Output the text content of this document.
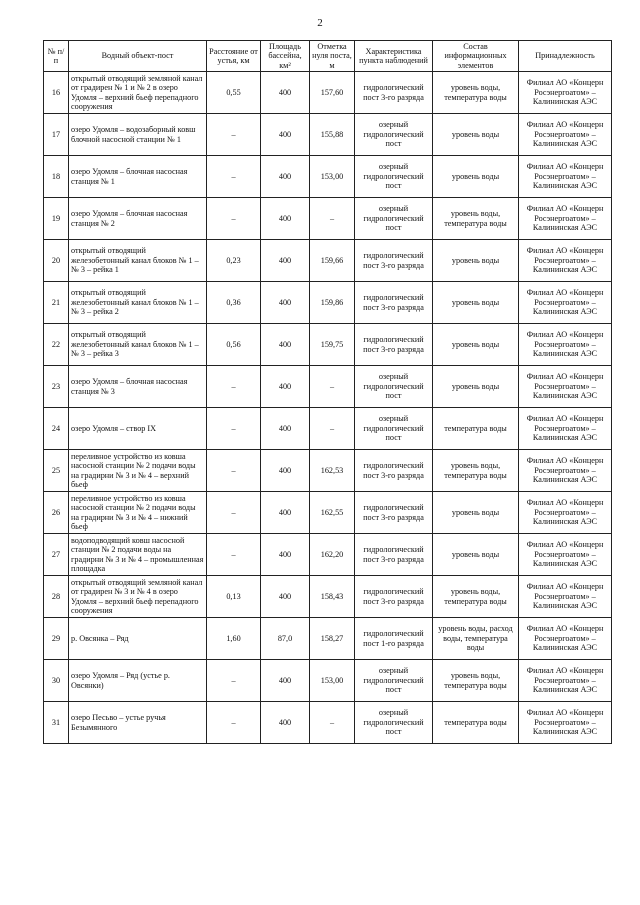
2
№ п/п	Водный объект-пост	Расстояние от устья, км	Площадь бассейна, км²	Отметка нуля поста, м	Характеристика пункта наблюдений	Состав информационных элементов	Принадлежность
16	открытый отводящий земляной канал от градирен № 1 и № 2 в озеро Удомля – верхний бьеф перепадного сооружения	0,55	400	157,60	гидрологический пост 3-го разряда	уровень воды, температура воды	Филиал АО «Концерн Росэнергоатом» – Калининская АЭС
17	озеро Удомля – водозаборный ковш блочной насосной станции № 1	–	400	155,88	озерный гидрологический пост	уровень воды	Филиал АО «Концерн Росэнергоатом» – Калининская АЭС
18	озеро Удомля – блочная насосная станция № 1	–	400	153,00	озерный гидрологический пост	уровень воды	Филиал АО «Концерн Росэнергоатом» – Калининская АЭС
19	озеро Удомля – блочная насосная станция № 2	–	400	–	озерный гидрологический пост	уровень воды, температура воды	Филиал АО «Концерн Росэнергоатом» – Калининская АЭС
20	открытый отводящий железобетонный канал блоков № 1 – № 3 – рейка 1	0,23	400	159,66	гидрологический пост 3-го разряда	уровень воды	Филиал АО «Концерн Росэнергоатом» – Калининская АЭС
21	открытый отводящий железобетонный канал блоков № 1 – № 3 – рейка 2	0,36	400	159,86	гидрологический пост 3-го разряда	уровень воды	Филиал АО «Концерн Росэнергоатом» – Калининская АЭС
22	открытый отводящий железобетонный канал блоков № 1 – № 3 – рейка 3	0,56	400	159,75	гидрологический пост 3-го разряда	уровень воды	Филиал АО «Концерн Росэнергоатом» – Калининская АЭС
23	озеро Удомля – блочная насосная станция № 3	–	400	–	озерный гидрологический пост	уровень воды	Филиал АО «Концерн Росэнергоатом» – Калининская АЭС
24	озеро Удомля – створ IX	–	400	–	озерный гидрологический пост	температура воды	Филиал АО «Концерн Росэнергоатом» – Калининская АЭС
25	переливное устройство из ковша насосной станции № 2 подачи воды на градирни № 3 и № 4 – верхний бьеф	–	400	162,53	гидрологический пост 3-го разряда	уровень воды, температура воды	Филиал АО «Концерн Росэнергоатом» – Калининская АЭС
26	переливное устройство из ковша насосной станции № 2 подачи воды на градирни № 3 и № 4 – нижний бьеф	–	400	162,55	гидрологический пост 3-го разряда	уровень воды	Филиал АО «Концерн Росэнергоатом» – Калининская АЭС
27	водоподводящий ковш насосной станции № 2 подачи воды на градирни № 3 и № 4 – промышленная площадка	–	400	162,20	гидрологический пост 3-го разряда	уровень воды	Филиал АО «Концерн Росэнергоатом» – Калининская АЭС
28	открытый отводящий земляной канал от градирен № 3 и № 4 в озеро Удомля – верхний бьеф перепадного сооружения	0,13	400	158,43	гидрологический пост 3-го разряда	уровень воды, температура воды	Филиал АО «Концерн Росэнергоатом» – Калининская АЭС
29	р. Овсянка – Ряд	1,60	87,0	158,27	гидрологический пост 1-го разряда	уровень воды, расход воды, температура воды	Филиал АО «Концерн Росэнергоатом» – Калининская АЭС
30	озеро Удомля – Ряд (устье р. Овсянки)	–	400	153,00	озерный гидрологический пост	уровень воды, температура воды	Филиал АО «Концерн Росэнергоатом» – Калининская АЭС
31	озеро Песьво – устье ручья Безымянного	–	400	–	озерный гидрологический пост	температура воды	Филиал АО «Концерн Росэнергоатом» – Калининская АЭС
